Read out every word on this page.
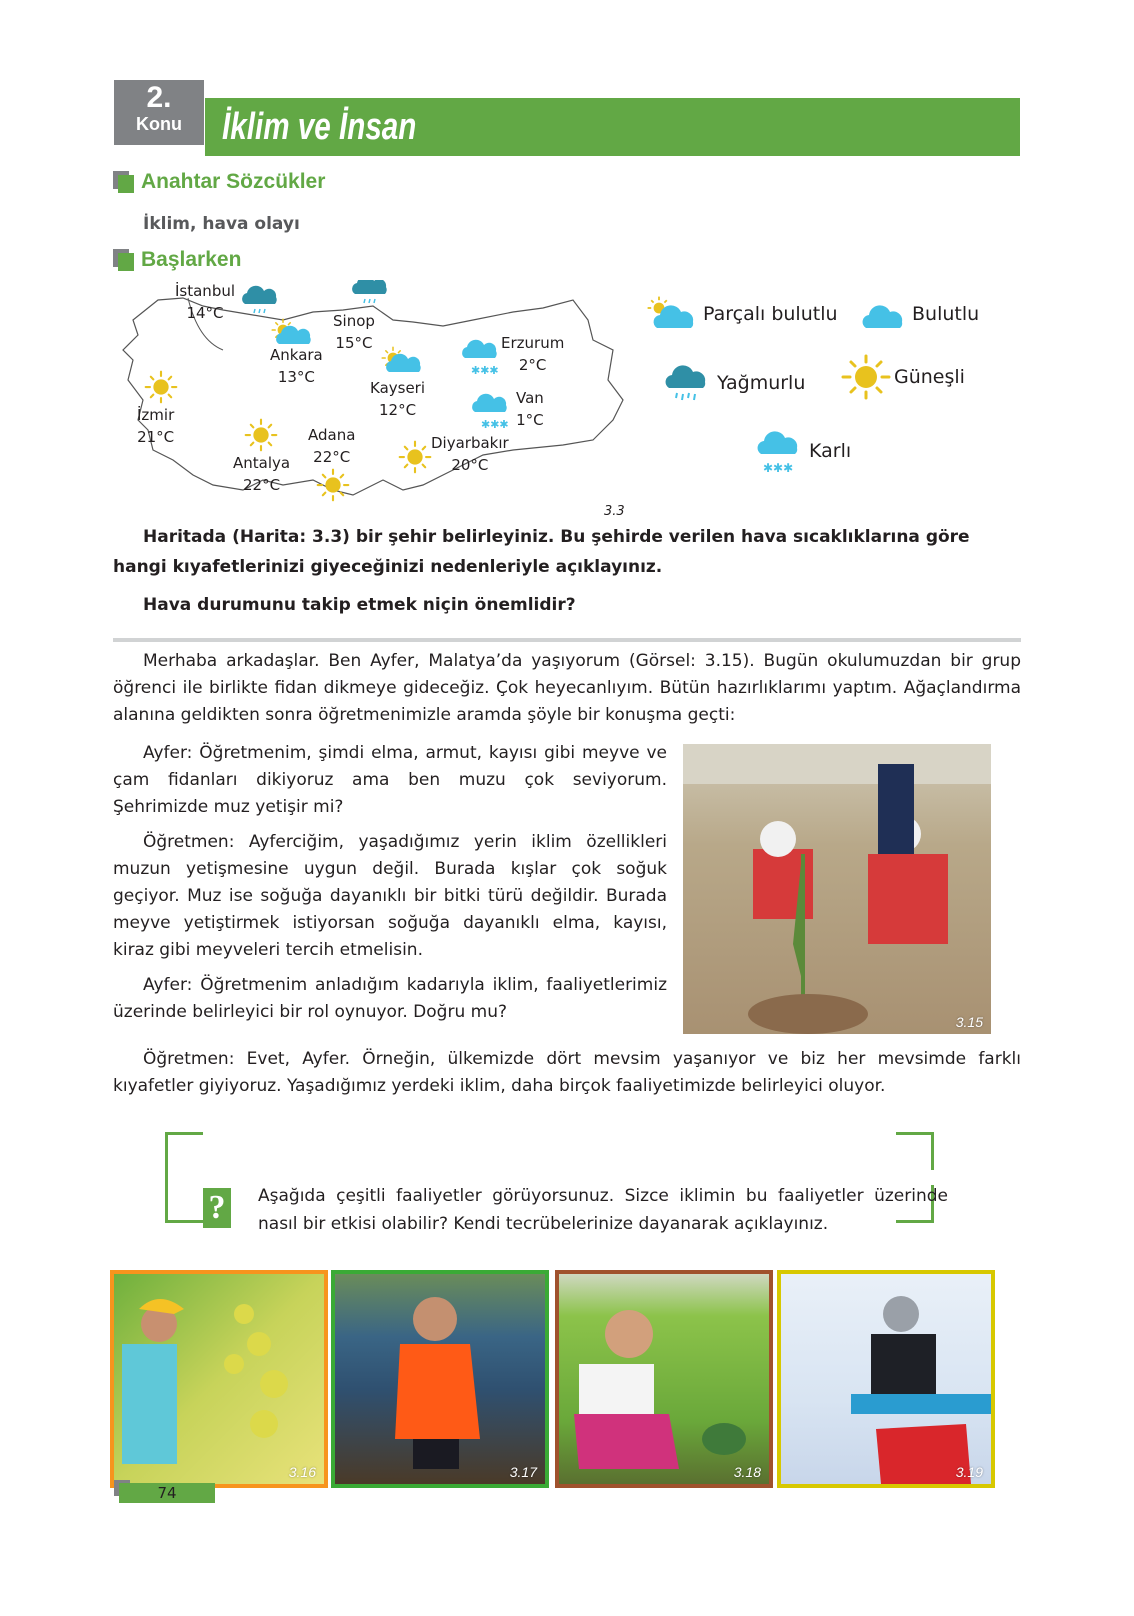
2.
Konu	İklim ve İnsan
Anahtar Sözcükler
İklim, hava olayı
Başlarken
✱✱✱
✱✱✱
İstanbul
14°C	Sinop
15°C
Ankara
13°C
Kayseri
12°C
Erzurum
2°C
Van
1°C
İzmir
21°C
Antalya
22°C
Adana
22°C
Diyarbakır
20°C
3.3
Parçalı bulutlu	Bulutlu
Yağmurlu	Güneşli
✱✱✱
Karlı
Haritada (Harita: 3.3) bir şehir belirleyiniz. Bu şehirde verilen hava sıcaklıklarına göre hangi kıyafetlerinizi giyeceğinizi nedenleriyle açıklayınız.
Hava durumunu takip etmek niçin önemlidir?

Merhaba arkadaşlar. Ben Ayfer, Malatya’da yaşıyorum (Görsel: 3.15). Bugün okulumuzdan bir grup öğrenci ile birlikte fidan dikmeye gideceğiz. Çok heyecanlıyım. Bütün hazırlıklarımı yaptım. Ağaçlandırma alanına geldikten sonra öğretmenimizle aramda şöyle bir konuşma geçti:

Ayfer: Öğretmenim, şimdi elma, armut, kayısı gibi meyve ve çam fidanları dikiyoruz ama ben muzu çok seviyorum. Şehrimizde muz yetişir mi?

Öğretmen: Ayferciğim, yaşadığımız yerin iklim özellikleri muzun yetişmesine uygun değil. Burada kışlar çok soğuk geçiyor. Muz ise soğuğa dayanıklı bir bitki türü değildir. Burada meyve yetiştirmek istiyorsan soğuğa dayanıklı elma, kayısı, kiraz gibi meyveleri tercih etmelisin.

Ayfer: Öğretmenim anladığım kadarıyla iklim, faaliyetlerimiz üzerinde belirleyici bir rol oynuyor. Doğru mu?	3.15

Öğretmen: Evet, Ayfer. Örneğin, ülkemizde dört mevsim yaşanıyor ve biz her mevsimde farklı kıyafetler giyiyoruz. Yaşadığımız yerdeki iklim, daha birçok faaliyetimizde belirleyici oluyor.

?	Aşağıda çeşitli faaliyetler görüyorsunuz. Sizce iklimin bu faaliyetler üzerinde nasıl bir etkisi olabilir? Kendi tecrübelerinize dayanarak açıklayınız.
3.16	3.17	3.18	3.19
74
